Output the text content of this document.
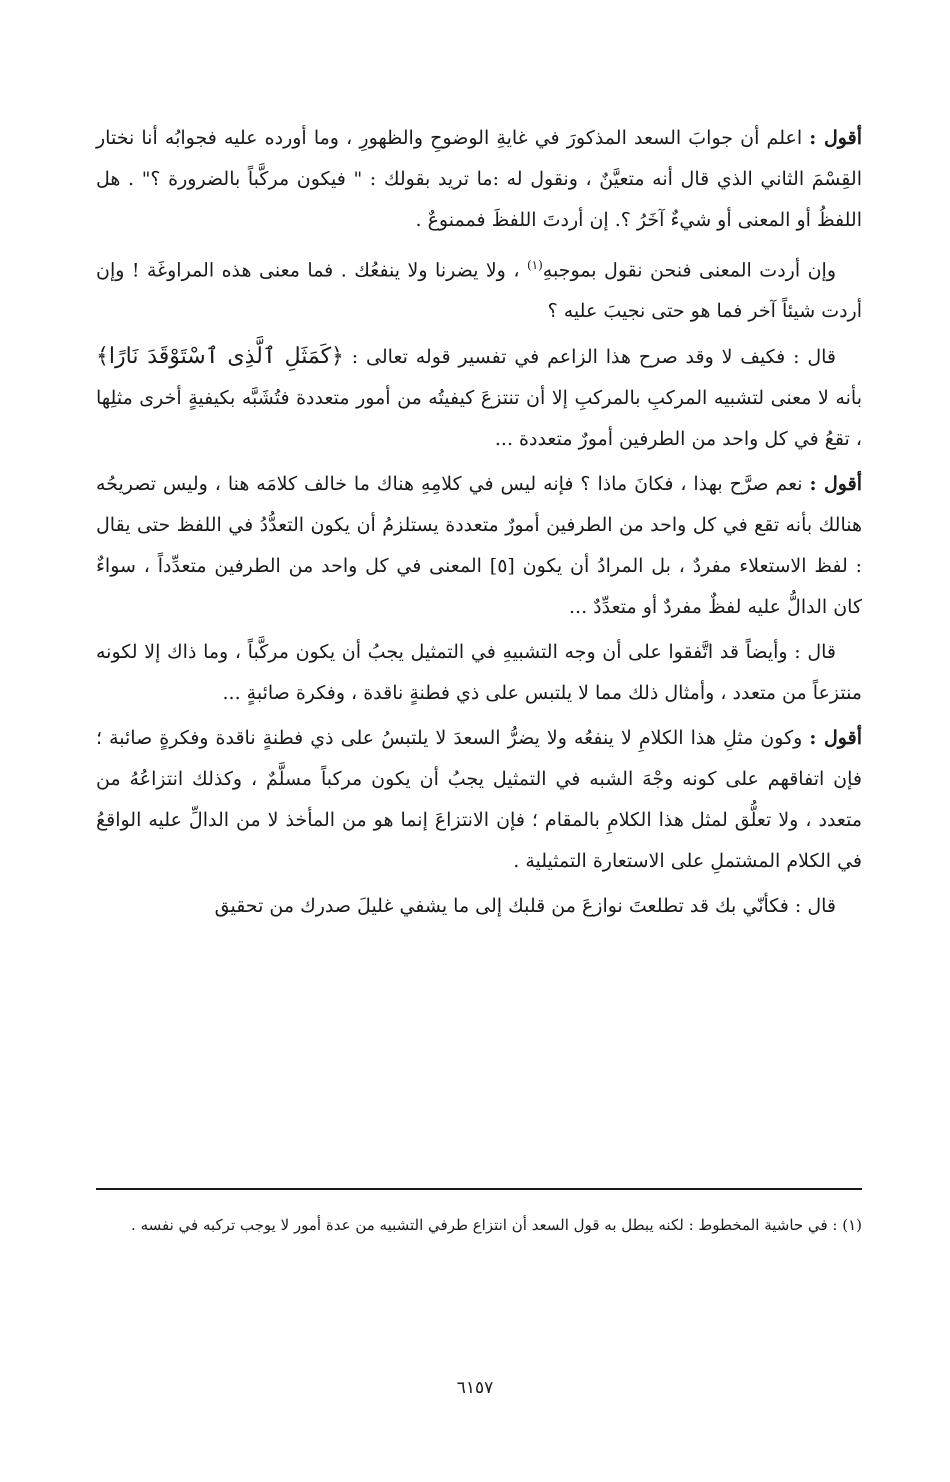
أقول : اعلم أن جوابَ السعد المذكورَ في غايةِ الوضوحِ والظهورِ ، وما أورده عليه فجوابُه أنا نختار القِسْمَ الثاني الذي قال أنه متعيَّنٌ ، ونقول له :ما تريد بقولك : " فيكون مركَّباً بالضرورة ؟" . هل اللفظُ أو المعنى أو شيءٌ آخَرُ ؟. إن أردتَ اللفظَ فممنوعٌ .

وإن أردت المعنى فنحن نقول بموجبهِ$^{(١)}$ ، ولا يضرنا ولا ينفعُك . فما معنى هذه المراوغَة ! وإن أردت شيئاً آخر فما هو حتى نجيبَ عليه ؟

قال : فكيف لا وقد صرح هذا الزاعم في تفسير قوله تعالى : ﴿كَمَثَلِ ٱلَّذِى ٱسْتَوْقَدَ نَارًا﴾ بأنه لا معنى لتشبيه المركبِ بالمركبِ إلا أن تنتزعَ كيفيتُه من أمور متعددة فتُشَبَّه بكيفيةٍ أخرى مثلِها ، تقعُ في كل واحد من الطرفين أمورٌ متعددة ...

أقول : نعم صرَّح بهذا ، فكانَ ماذا ؟ فإنه ليس في كلامِهِ هناك ما خالف كلامَه هنا ، وليس تصريحُه هنالك بأنه تقع في كل واحد من الطرفين أمورٌ متعددة يستلزمُ أن يكون التعدُّدُ في اللفظ حتى يقال : لفظ الاستعلاء مفردٌ ، بل المرادُ أن يكون [٥] المعنى في كل واحد من الطرفين متعدِّداً ، سواءٌ كان الدالُّ عليه لفظٌ مفردٌ أو متعدِّدٌ ...

قال : وأيضاً قد اتَّفقوا على أن وجه التشبيهِ في التمثيل يجبُ أن يكون مركَّباً ، وما ذاك إلا لكونه منتزعاً من متعدد ، وأمثال ذلك مما لا يلتبس على ذي فطنةٍ ناقدة ، وفكرة صائبةٍ ...

أقول : وكون مثلِ هذا الكلامِ لا ينفعُه ولا يضرُّ السعدَ لا يلتبسُ على ذي فطنةٍ ناقدة وفكرةٍ صائبة ؛ فإن اتفاقهم على كونه وجْهَ الشبه في التمثيل يجبُ أن يكون مركباً مسلَّمٌ ، وكذلك انتزاعُهُ من متعدد ، ولا تعلُّق لمثل هذا الكلامِ بالمقام ؛ فإن الانتزاعَ إنما هو من المأخذ لا من الدالِّ عليه الواقعُ في الكلام المشتملِ على الاستعارة التمثيلية .

قال : فكأنّي بك قد تطلعتَ نوازعَ من قلبك إلى ما يشفي غليلَ صدرك من تحقيق

(١) : في حاشية المخطوط : لكنه يبطل به قول السعد أن انتزاع طرفي التشبيه من عدة أمور لا يوجب تركبه في نفسه .

٦١٥٧
